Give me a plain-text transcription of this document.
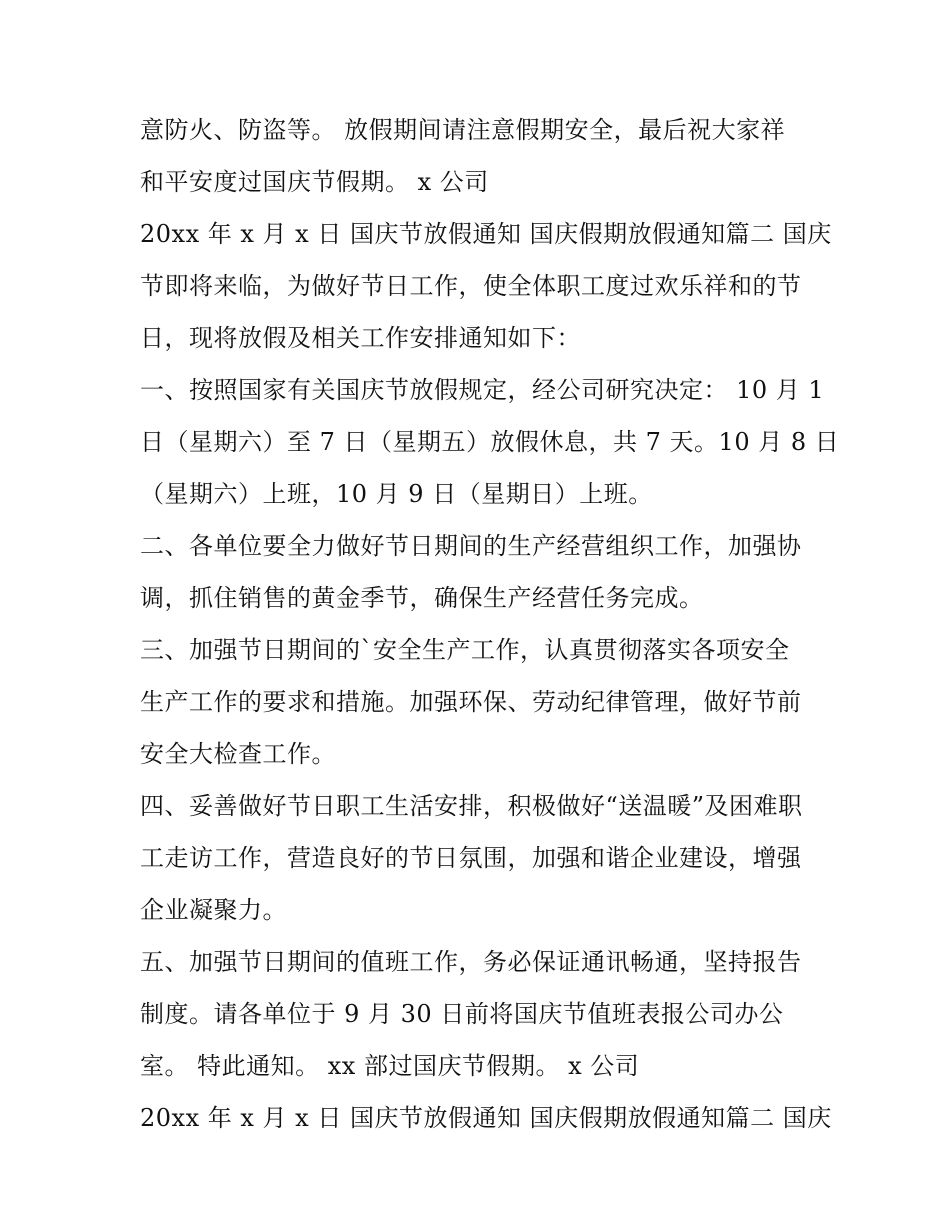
意防火、防盗等。 放假期间请注意假期安全，最后祝大家祥
和平安度过国庆节假期。 x 公司
20xx 年 x 月 x 日 国庆节放假通知 国庆假期放假通知篇二 国庆
节即将来临，为做好节日工作，使全体职工度过欢乐祥和的节
日，现将放假及相关工作安排通知如下：
一、按照国家有关国庆节放假规定，经公司研究决定： 10 月 1
日（星期六）至 7 日（星期五）放假休息，共 7 天。10 月 8 日
（星期六）上班，10 月 9 日（星期日）上班。
二、各单位要全力做好节日期间的生产经营组织工作，加强协
调，抓住销售的黄金季节，确保生产经营任务完成。
三、加强节日期间的`安全生产工作，认真贯彻落实各项安全
生产工作的要求和措施。加强环保、劳动纪律管理，做好节前
安全大检查工作。
四、妥善做好节日职工生活安排，积极做好“送温暖”及困难职
工走访工作，营造良好的节日氛围，加强和谐企业建设，增强
企业凝聚力。
五、加强节日期间的值班工作，务必保证通讯畅通，坚持报告
制度。请各单位于 9 月 30 日前将国庆节值班表报公司办公
室。 特此通知。 xx 部过国庆节假期。 x 公司
20xx 年 x 月 x 日 国庆节放假通知 国庆假期放假通知篇二 国庆
